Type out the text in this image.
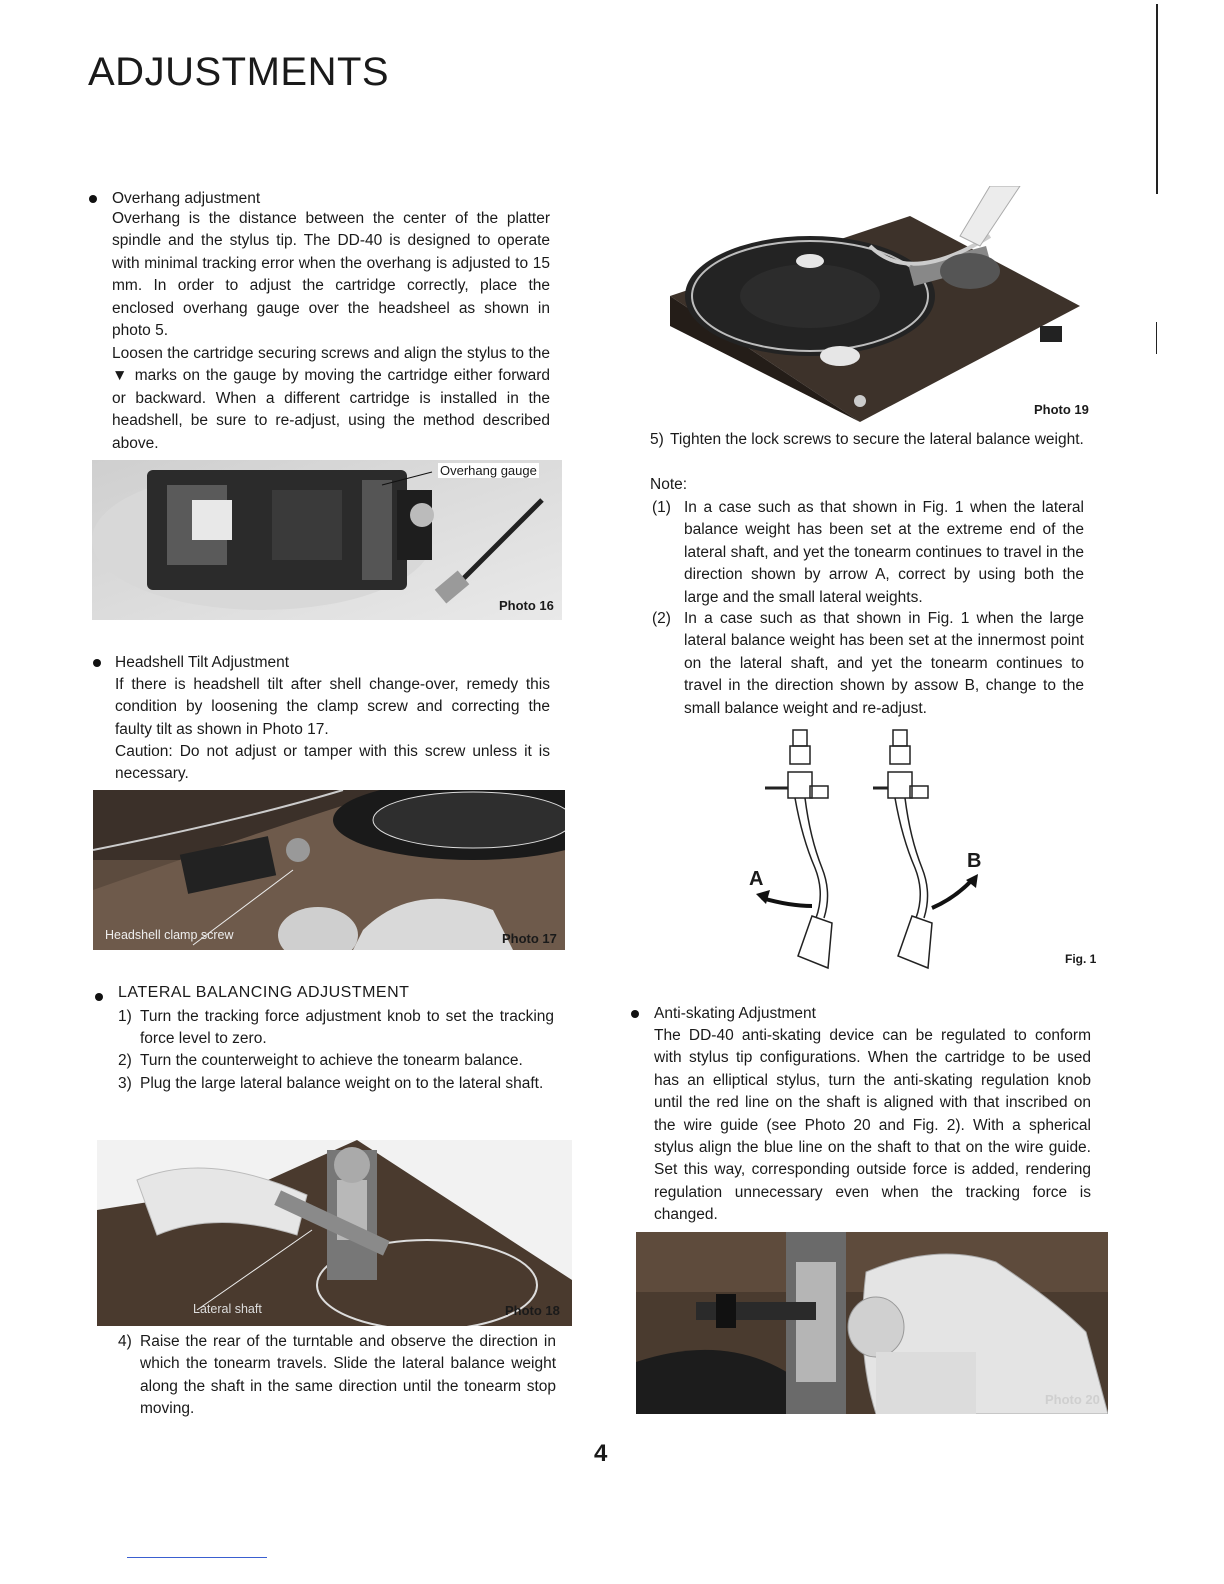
ADJUSTMENTS
Overhang adjustment
Overhang is the distance between the center of the platter spindle and the stylus tip. The DD-40 is designed to operate with minimal tracking error when the overhang is adjusted to 15 mm. In order to adjust the cartridge correctly, place the enclosed overhang gauge over the headsheel as shown in photo 5.
Loosen the cartridge securing screws and align the stylus to the ▼ marks on the gauge by moving the cartridge either forward or backward. When a different cartridge is installed in the headshell, be sure to re-adjust, using the method described above.
Overhang gauge
Photo 16
Headshell Tilt Adjustment
If there is headshell tilt after shell change-over, remedy this condition by loosening the clamp screw and correcting the faulty tilt as shown in Photo 17.
Caution: Do not adjust or tamper with this screw unless it is necessary.
Headshell clamp screw	Photo 17
LATERAL BALANCING ADJUSTMENT
1) Turn the tracking force adjustment knob to set the tracking force level to zero.
2) Turn the counterweight to achieve the tonearm balance.
3) Plug the large lateral balance weight on to the lateral shaft.
Lateral shaft	Photo 18
4) Raise the rear of the turntable and observe the direction in which the tonearm travels. Slide the lateral balance weight along the shaft in the same direction until the tonearm stop moving.
Photo 19
5) Tighten the lock screws to secure the lateral balance weight.
Note:
(1) In a case such as that shown in Fig. 1 when the lateral balance weight has been set at the extreme end of the lateral shaft, and yet the tonearm continues to travel in the direction shown by arrow A, correct by using both the large and the small lateral weights.
(2) In a case such as that shown in Fig. 1 when the large lateral balance weight has been set at the innermost point on the lateral shaft, and yet the tonearm continues to travel in the direction shown by assow B, change to the small balance weight and re-adjust.
A
B
Fig. 1
Anti-skating Adjustment
The DD-40 anti-skating device can be regulated to conform with stylus tip configurations. When the cartridge to be used has an elliptical stylus, turn the anti-skating regulation knob until the red line on the shaft is aligned with that inscribed on the wire guide (see Photo 20 and Fig. 2). With a spherical stylus align the blue line on the shaft to that on the wire guide. Set this way, corresponding outside force is added, rendering regulation unnecessary even when the tracking force is changed.
Photo 20
4
